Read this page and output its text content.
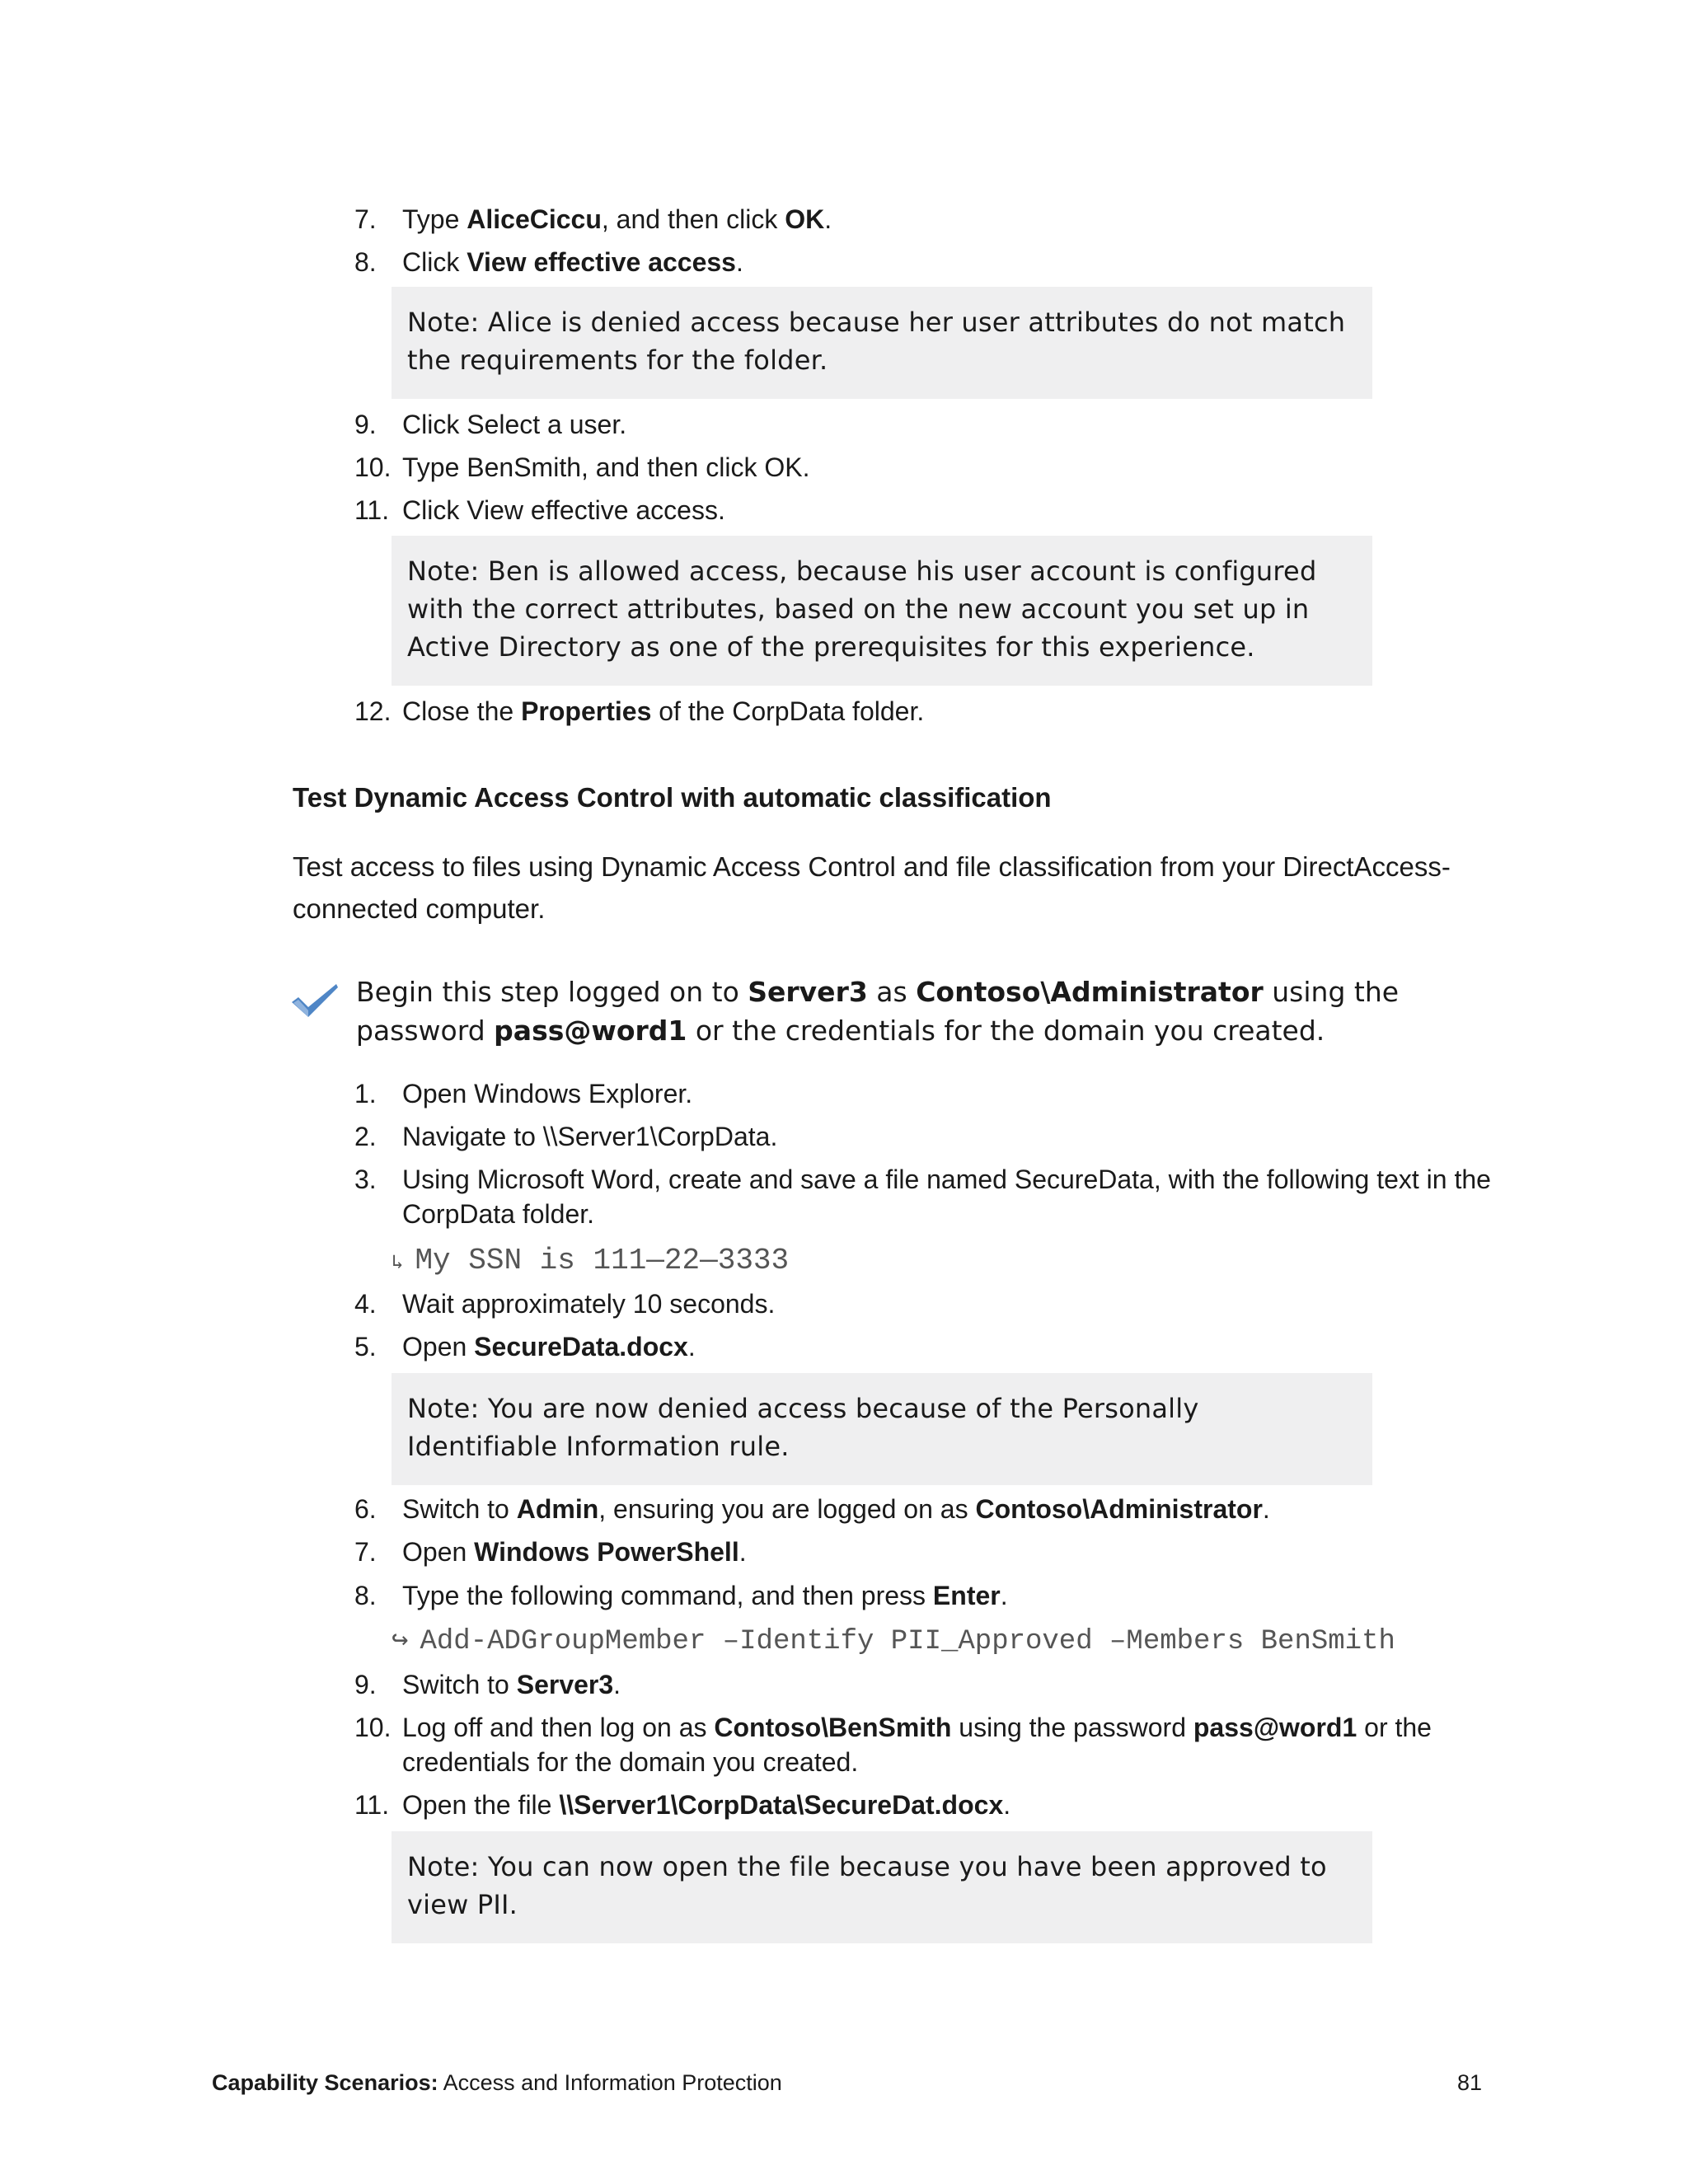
7. Type AliceCiccu, and then click OK.
8. Click View effective access.
Note: Alice is denied access because her user attributes do not match the requirements for the folder.
9. Click Select a user.
10. Type BenSmith, and then click OK.
11. Click View effective access.
Note: Ben is allowed access, because his user account is configured with the correct attributes, based on the new account you set up in Active Directory as one of the prerequisites for this experience.
12. Close the Properties of the CorpData folder.
Test Dynamic Access Control with automatic classification
Test access to files using Dynamic Access Control and file classification from your DirectAccess-connected computer.
Begin this step logged on to Server3 as Contoso\Administrator using the password pass@word1 or the credentials for the domain you created.
1. Open Windows Explorer.
2. Navigate to \\Server1\CorpData.
3. Using Microsoft Word, create and save a file named SecureData, with the following text in the CorpData folder.
↳ My SSN is 111—22—3333
4. Wait approximately 10 seconds.
5. Open SecureData.docx.
Note: You are now denied access because of the Personally Identifiable Information rule.
6. Switch to Admin, ensuring you are logged on as Contoso\Administrator.
7. Open Windows PowerShell.
8. Type the following command, and then press Enter.
↪ Add-ADGroupMember –Identify PII_Approved –Members BenSmith
9. Switch to Server3.
10. Log off and then log on as Contoso\BenSmith using the password pass@word1 or the credentials for the domain you created.
11. Open the file \\Server1\CorpData\SecureDat.docx.
Note: You can now open the file because you have been approved to view PII.
Capability Scenarios: Access and Information Protection	81
